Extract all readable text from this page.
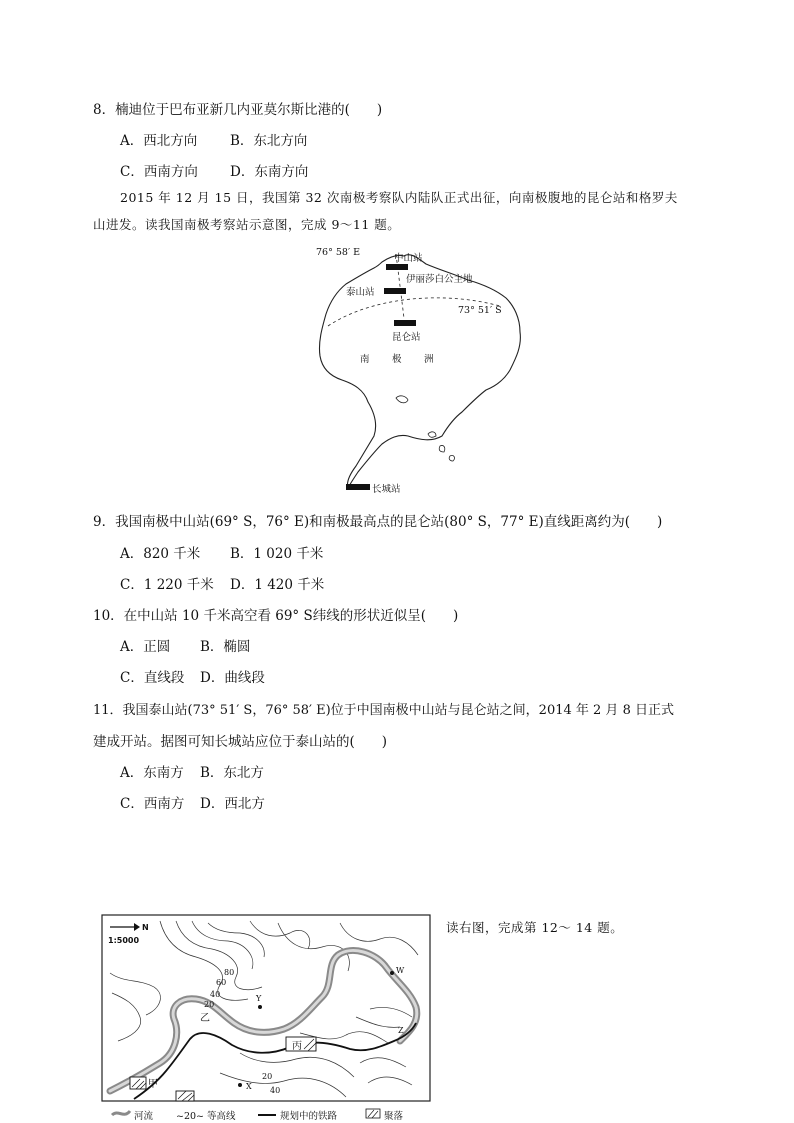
8．楠迪位于巴布亚新几内亚莫尔斯比港的(　　)
A．西北方向 B．东北方向
C．西南方向 D．东南方向
2015 年 12 月 15 日，我国第 32 次南极考察队内陆队正式出征，向南极腹地的昆仑站和格罗夫
山进发。读我国南极考察站示意图，完成 9～11 题。
76° 58′ E
中山站
伊丽莎白公主地
泰山站
73° 51′ S
昆仑站
南 极 洲
长城站
9．我国南极中山站(69° S，76° E)和南极最高点的昆仑站(80° S，77° E)直线距离约为(　　)
A．820 千米 B．1 020 千米
C．1 220 千米 D．1 420 千米
10．在中山站 10 千米高空看 69° S纬线的形状近似呈(　　)
A．正圆 B．椭圆
C．直线段 D．曲线段
11．我国泰山站(73° 51′ S，76° 58′ E)位于中国南极中山站与昆仑站之间，2014 年 2 月 8 日正式
建成开站。据图可知长城站应位于泰山站的(　　)
A．东南方 B．东北方
C．西南方 D．西北方
N
1:5000
80
60
40
20
20
40
W
Y
X
Z
乙
丙
甲
河流 ~20~ 等高线	规划中的铁路	聚落
读右图，完成第 12～ 14 题。
